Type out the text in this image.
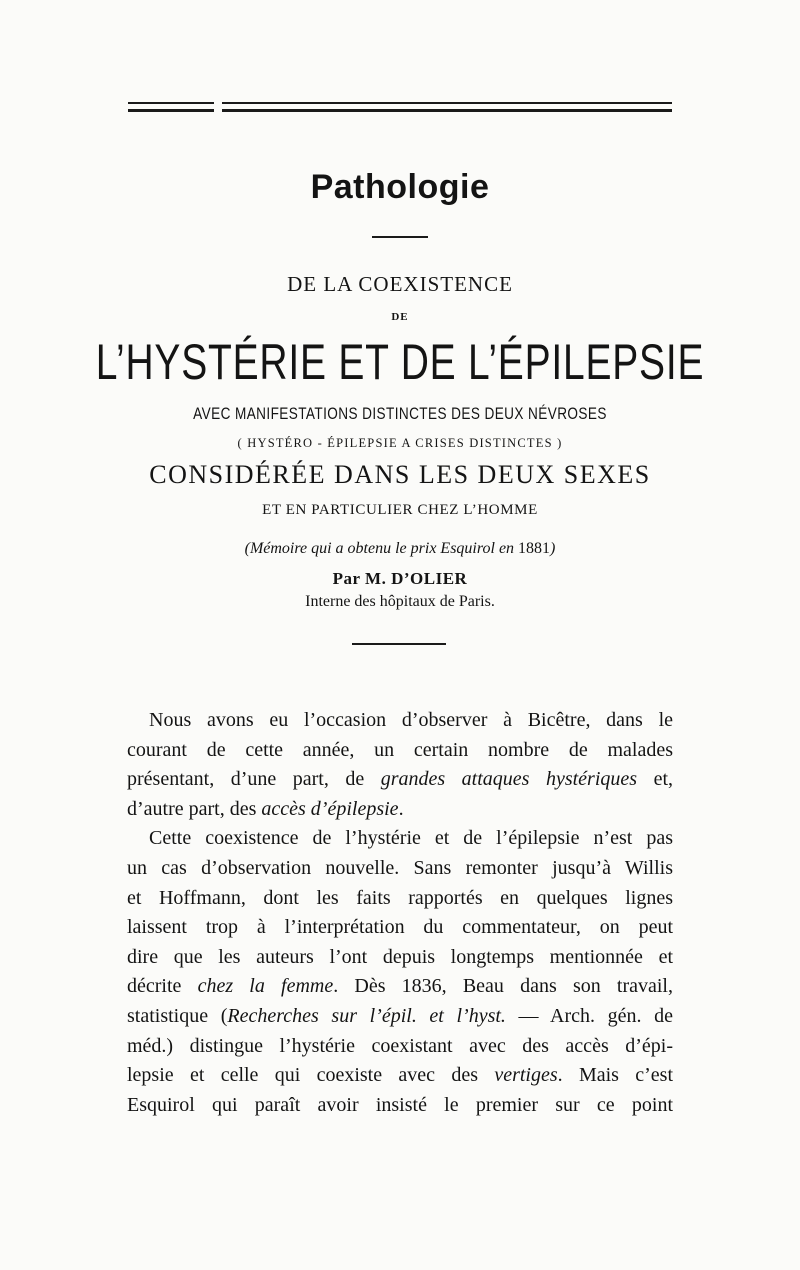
Pathologie
DE LA COEXISTENCE
DE
L’HYSTÉRIE ET DE L’ÉPILEPSIE
AVEC MANIFESTATIONS DISTINCTES DES DEUX NÉVROSES
( HYSTÉRO - ÉPILEPSIE A CRISES DISTINCTES )
CONSIDÉRÉE DANS LES DEUX SEXES
ET EN PARTICULIER CHEZ L’HOMME
(Mémoire qui a obtenu le prix Esquirol en 1881)
Par M. D’OLIER
Interne des hôpitaux de Paris.
Nous avons eu l’occasion d’observer à Bicêtre, dans le
courant de cette année, un certain nombre de malades
présentant, d’une part, de grandes attaques hystériques et,
d’autre part, des accès d’épilepsie.
Cette coexistence de l’hystérie et de l’épilepsie n’est pas
un cas d’observation nouvelle. Sans remonter jusqu’à Willis
et Hoffmann, dont les faits rapportés en quelques lignes
laissent trop à l’interprétation du commentateur, on peut
dire que les auteurs l’ont depuis longtemps mentionnée et
décrite chez la femme. Dès 1836, Beau dans son travail,
statistique (Recherches sur l’épil. et l’hyst. — Arch. gén. de
méd.) distingue l’hystérie coexistant avec des accès d’épi-
lepsie et celle qui coexiste avec des vertiges. Mais c’est
Esquirol qui paraît avoir insisté le premier sur ce point
